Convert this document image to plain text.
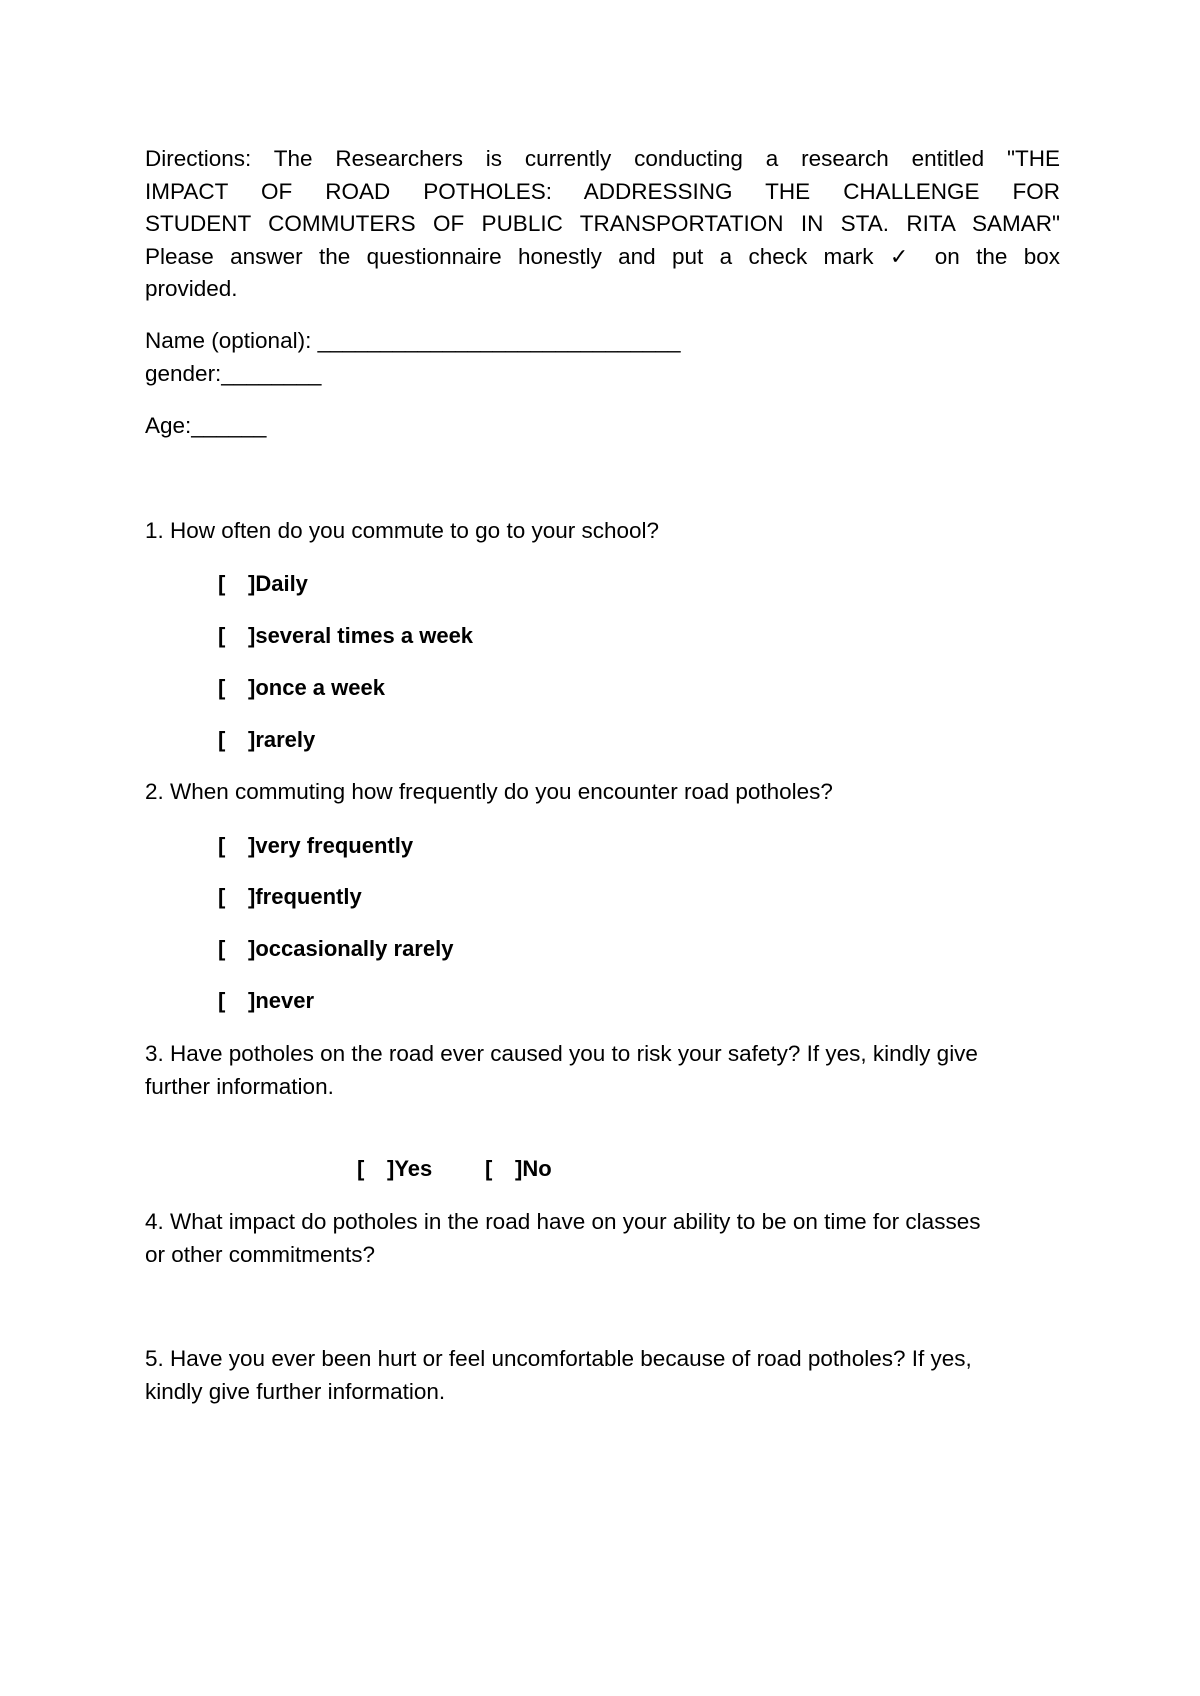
Directions: The Researchers is currently conducting a research entitled "THE
IMPACT OF ROAD POTHOLES: ADDRESSING THE CHALLENGE FOR
STUDENT COMMUTERS OF PUBLIC TRANSPORTATION IN STA. RITA SAMAR"
Please answer the questionnaire honestly and put a check mark ✓ on the box
provided.
Name (optional): _____________________________
gender:________
Age:______
1. How often do you commute to go to your school?
[ ]Daily
[ ]several times a week
[ ]once a week
[ ]rarely
2. When commuting how frequently do you encounter road potholes?
[ ]very frequently
[ ]frequently
[ ]occasionally rarely
[ ]never
3. Have potholes on the road ever caused you to risk your safety? If yes, kindly give
further information.
[ ]Yes [ ]No
4. What impact do potholes in the road have on your ability to be on time for classes
or other commitments?
5. Have you ever been hurt or feel uncomfortable because of road potholes? If yes,
kindly give further information.
